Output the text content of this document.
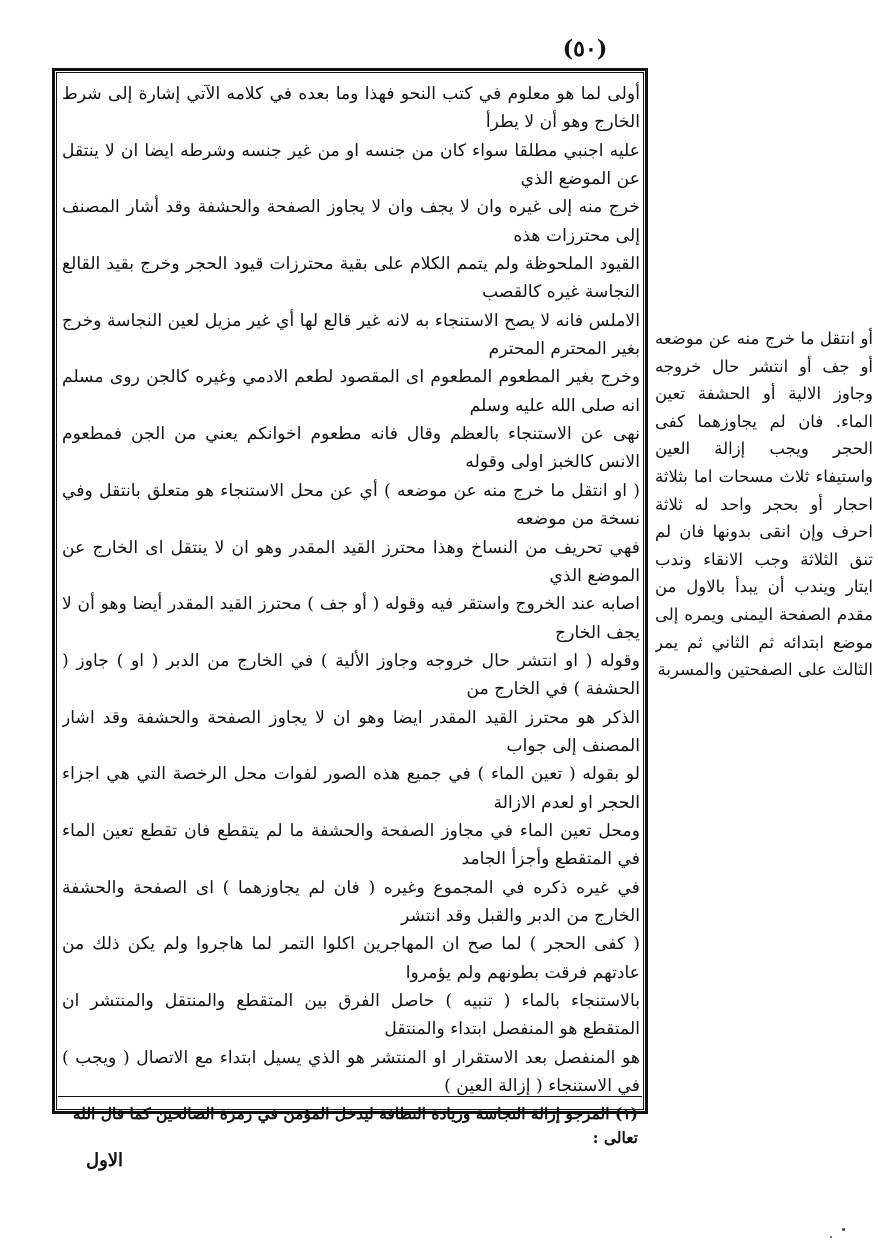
(٥٠)

أولى لما هو معلوم في كتب النحو فهذا وما بعده في كلامه الآتي إشارة إلى شرط الخارج وهو أن لا يطرأ

عليه اجنبي مطلقا سواء كان من جنسه او من غير جنسه وشرطه ايضا ان لا ينتقل عن الموضع الذي

خرج منه إلى غيره وان لا يجف وان لا يجاوز الصفحة والحشفة وقد أشار المصنف إلى محترزات هذه

القيود الملحوظة ولم يتمم الكلام على بقية محترزات قيود الحجر وخرج بقيد القالع النجاسة غيره كالقصب

الاملس فانه لا يصح الاستنجاء به لانه غير قالع لها أي غير مزيل لعين النجاسة وخرج بغير المحترم المحترم

وخرج بغير المطعوم المطعوم اى المقصود لطعم الادمي وغيره كالجن روى مسلم انه صلى الله عليه وسلم

نهى عن الاستنجاء بالعظم وقال فانه مطعوم اخوانكم يعني من الجن فمطعوم الانس كالخبز اولى وقوله

( او انتقل ما خرج منه عن موضعه ) أي عن محل الاستنجاء هو متعلق بانتقل وفي نسخة من موضعه

فهي تحريف من النساخ وهذا محترز القيد المقدر وهو ان لا ينتقل اى الخارج عن الموضع الذي

اصابه عند الخروج واستقر فيه وقوله ( أو جف ) محترز القيد المقدر أيضا وهو أن لا يجف الخارج

وقوله ( او انتشر حال خروجه وجاوز الألية ) في الخارج من الدبر ( او ) جاوز ( الحشفة ) في الخارج من

الذكر هو محترز القيد المقدر ايضا وهو ان لا يجاوز الصفحة والحشفة وقد اشار المصنف إلى جواب

لو بقوله ( تعين الماء ) في جميع هذه الصور لفوات محل الرخصة التي هي اجزاء الحجر او لعدم الازالة

ومحل تعين الماء في مجاوز الصفحة والحشفة ما لم يتقطع فان تقطع تعين الماء في المتقطع وأجزأ الجامد

في غيره ذكره في المجموع وغيره ( فان لم يجاوزهما ) اى الصفحة والحشفة الخارج من الدبر والقبل وقد انتشر

( كفى الحجر ) لما صح ان المهاجرين اكلوا التمر لما هاجروا ولم يكن ذلك من عادتهم فرقت بطونهم ولم يؤمروا

بالاستنجاء بالماء ( تنبيه ) حاصل الفرق بين المتقطع والمنتقل والمنتشر ان المتقطع هو المنفصل ابتداء والمنتقل

هو المنفصل بعد الاستقرار او المنتشر هو الذي يسيل ابتداء مع الاتصال ( ويجب ) في الاستنجاء ( إزالة العين )

(١) المرجو إزالة النجاسة وزيادة النظافة ليدخل المؤمن في زمرة الصالحين كما قال الله تعالى :

أو انتقل ما خرج منه عن موضعه أو جف أو انتشر حال خروجه وجاوز الالية أو الحشفة تعين الماء. فان لم يجاوزهما كفى الحجر ويجب إزالة العين واستيفاء ثلاث مسحات اما بثلاثة احجار أو بحجر واحد له ثلاثة احرف وإن انقى بدونها فان لم تنق الثلاثة وجب الانقاء وندب ايتار ويندب أن يبدأ بالاول من مقدم الصفحة اليمنى ويمره إلى موضع ابتدائه ثم الثاني ثم يمر الثالث على الصفحتين والمسربة
الاول
